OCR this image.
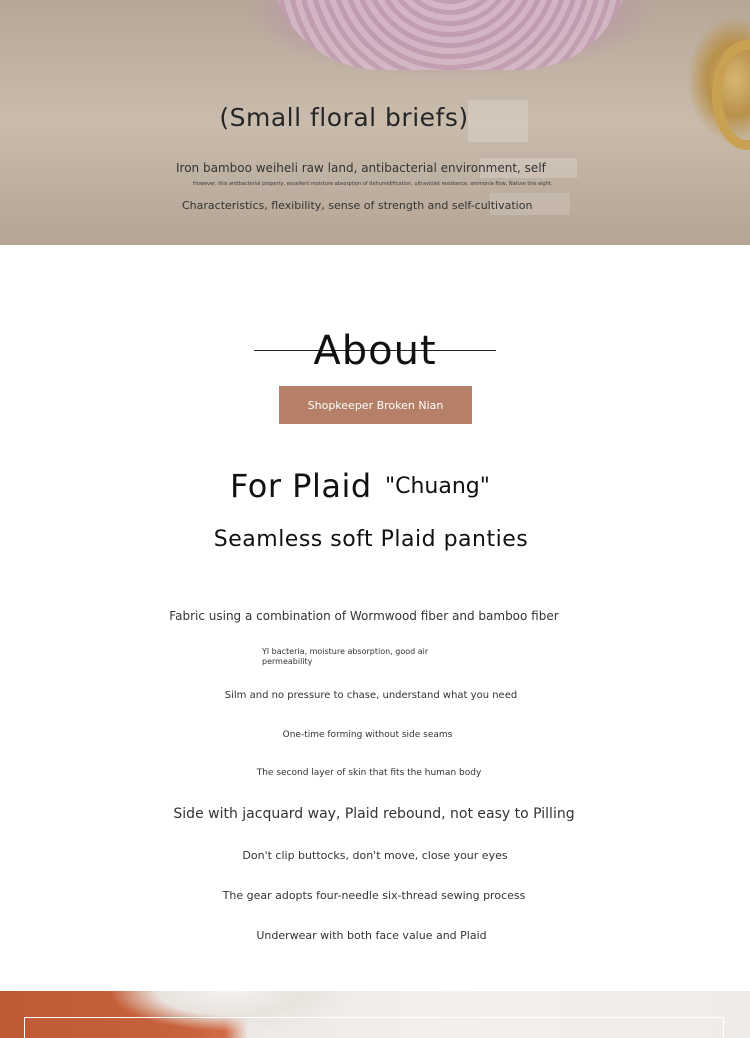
(Small floral briefs)
Iron bamboo weiheli raw land, antibacterial environment, self
However, this antibacterial property, excellent moisture absorption of dehumidification, ultraviolet resistance, ammonia flow, Nature this eight.
Characteristics, flexibility, sense of strength and self-cultivation
About
Shopkeeper Broken Nian
For Plaid "Chuang"
Seamless soft Plaid panties
Fabric using a combination of Wormwood fiber and bamboo fiber
Yl bacteria, moisture absorption, good air permeability
Silm and no pressure to chase, understand what you need
One-time forming without side seams
The second layer of skin that fits the human body
Side with jacquard way, Plaid rebound, not easy to Pilling
Don't clip buttocks, don't move, close your eyes
The gear adopts four-needle six-thread sewing process
Underwear with both face value and Plaid
